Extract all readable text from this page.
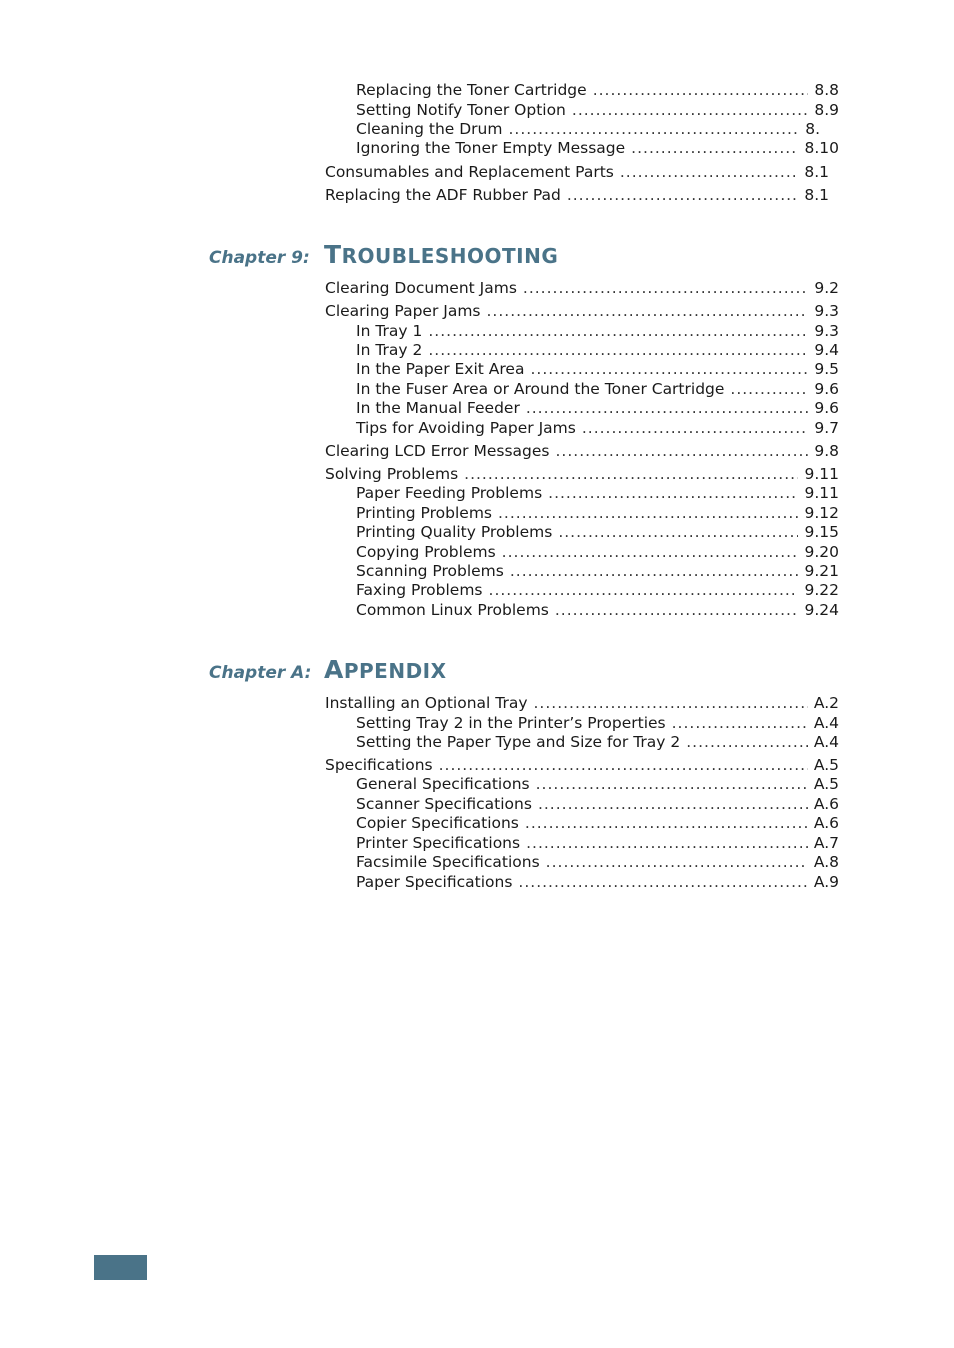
Replacing the Toner Cartridge .....	8.8
Setting Notify Toner Option .....	8.9
Cleaning the Drum .....	8.
Ignoring the Toner Empty Message .....	8.10
Consumables and Replacement Parts .....	8.1
Replacing the ADF Rubber Pad .....	8.1
Chapter 9: TROUBLESHOOTING
Clearing Document Jams .....	9.2
Clearing Paper Jams .....	9.3
In Tray 1 .....	9.3
In Tray 2 .....	9.4
In the Paper Exit Area .....	9.5
In the Fuser Area or Around the Toner Cartridge .....	9.6
In the Manual Feeder .....	9.6
Tips for Avoiding Paper Jams .....	9.7
Clearing LCD Error Messages .....	9.8
Solving Problems .....	9.11
Paper Feeding Problems .....	9.11
Printing Problems .....	9.12
Printing Quality Problems .....	9.15
Copying Problems .....	9.20
Scanning Problems .....	9.21
Faxing Problems .....	9.22
Common Linux Problems .....	9.24
Chapter A: APPENDIX
Installing an Optional Tray .....	A.2
Setting Tray 2 in the Printer’s Properties .....	A.4
Setting the Paper Type and Size for Tray 2 .....	A.4
Specifications .....	A.5
General Specifications .....	A.5
Scanner Specifications .....	A.6
Copier Specifications .....	A.6
Printer Specifications .....	A.7
Facsimile Specifications .....	A.8
Paper Specifications .....	A.9
